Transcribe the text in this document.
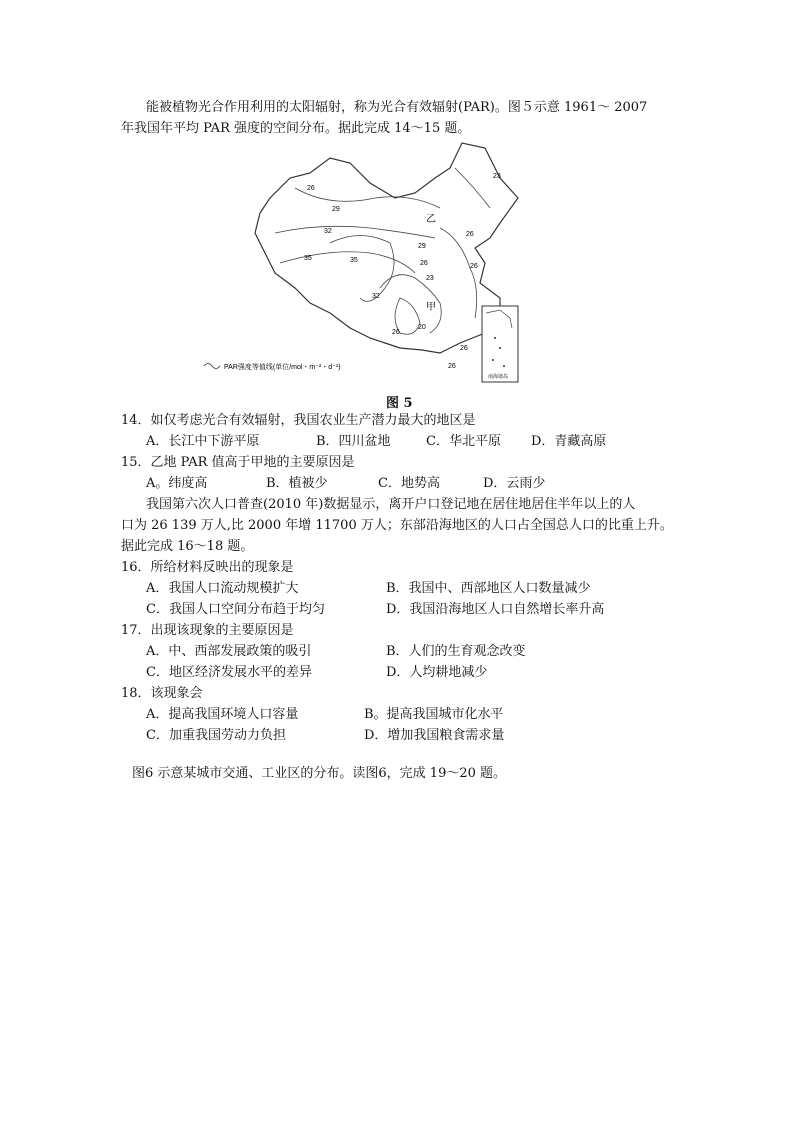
能被植物光合作用利用的太阳辐射，称为光合有效辐射(PAR)。图５示意 1961～ 2007
年我国年平均 PAR 强度的空间分布。据此完成 14～15 题。
南海诸岛
26
29
32
35	35
32
29
26
23
26
26
23
20
26
26
26
乙
甲
PAR强度等值线(单位/mol・m⁻²・d⁻¹)
图 5
14．如仅考虑光合有效辐射，我国农业生产潜力最大的地区是
A．长江中下游平原	B．四川盆地	C．华北平原 D．青藏高原
15．乙地 PAR 值高于甲地的主要原因是
A。纬度高	B．植被少	C．地势高	D．云雨少
我国第六次人口普查(2010 年)数据显示，离开户口登记地在居住地居住半年以上的人
口为 26 139 万人,比 2000 年增 11700 万人；东部沿海地区的人口占全国总人口的比重上升。
据此完成 16～18 题。
16．所给材料反映出的现象是
A．我国人口流动规模扩大	B．我国中、西部地区人口数量减少
C．我国人口空间分布趋于均匀	D．我国沿海地区人口自然增长率升高
17．出现该现象的主要原因是
A．中、西部发展政策的吸引	B．人们的生育观念改变
C．地区经济发展水平的差异	D．人均耕地减少
18．该现象会
A．提高我国环境人口容量	B。提高我国城市化水平
C．加重我国劳动力负担	D．增加我国粮食需求量
图6 示意某城市交通、工业区的分布。读图6，完成 19～20 题。
